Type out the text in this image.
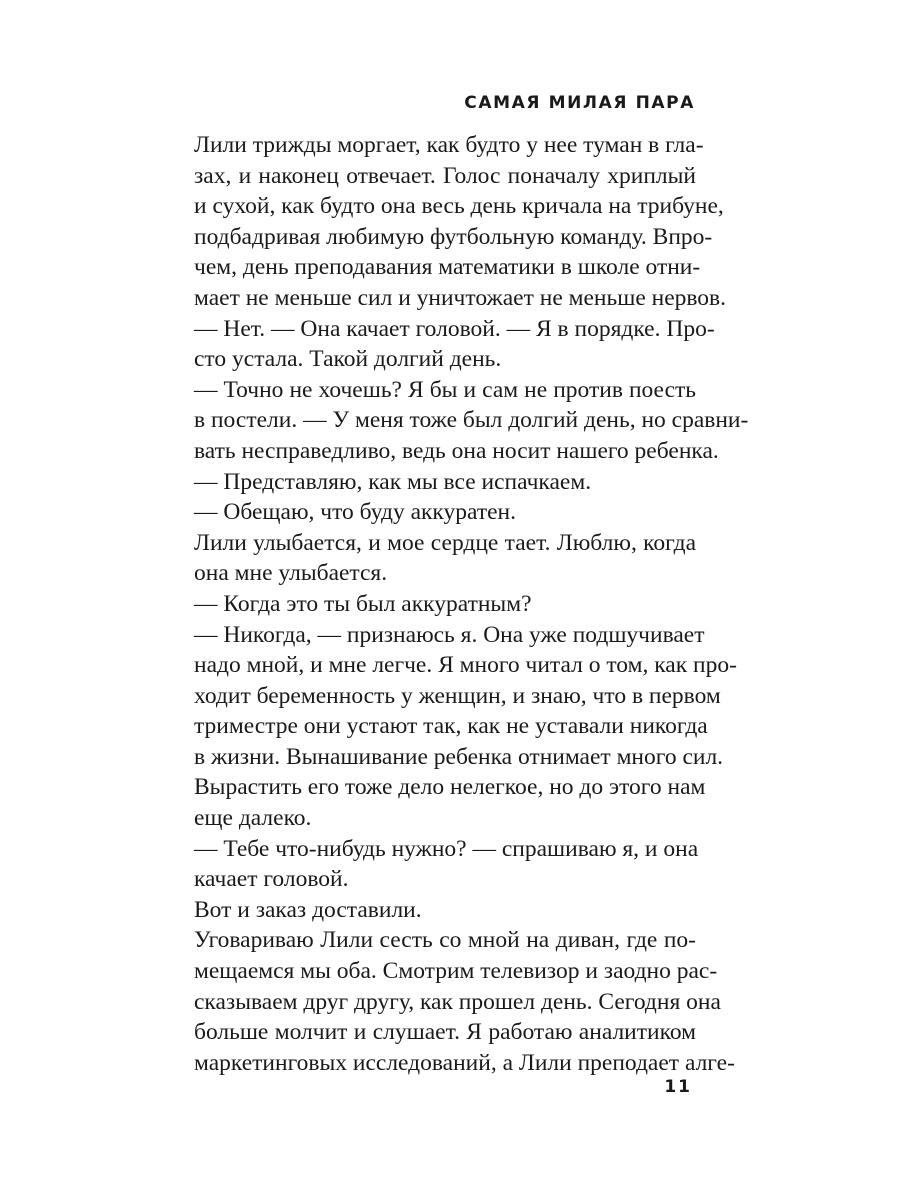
САМАЯ МИЛАЯ ПАРА
Лили трижды моргает, как будто у нее туман в гла-
зах, и наконец отвечает. Голос поначалу хриплый
и сухой, как будто она весь день кричала на трибуне,
подбадривая любимую футбольную команду. Впро-
чем, день преподавания математики в школе отни-
мает не меньше сил и уничтожает не меньше нервов.
— Нет. — Она качает головой. — Я в порядке. Про-
сто устала. Такой долгий день.
— Точно не хочешь? Я бы и сам не против поесть
в постели. — У меня тоже был долгий день, но сравни-
вать несправедливо, ведь она носит нашего ребенка.
— Представляю, как мы все испачкаем.
— Обещаю, что буду аккуратен.
Лили улыбается, и мое сердце тает. Люблю, когда
она мне улыбается.
— Когда это ты был аккуратным?
— Никогда, — признаюсь я. Она уже подшучивает
надо мной, и мне легче. Я много читал о том, как про-
ходит беременность у женщин, и знаю, что в первом
триместре они устают так, как не уставали никогда
в жизни. Вынашивание ребенка отнимает много сил.
Вырастить его тоже дело нелегкое, но до этого нам
еще далеко.
— Тебе что-нибудь нужно? — спрашиваю я, и она
качает головой.
Вот и заказ доставили.
Уговариваю Лили сесть со мной на диван, где по-
мещаемся мы оба. Смотрим телевизор и заодно рас-
сказываем друг другу, как прошел день. Сегодня она
больше молчит и слушает. Я работаю аналитиком
маркетинговых исследований, а Лили преподает алге-
11
